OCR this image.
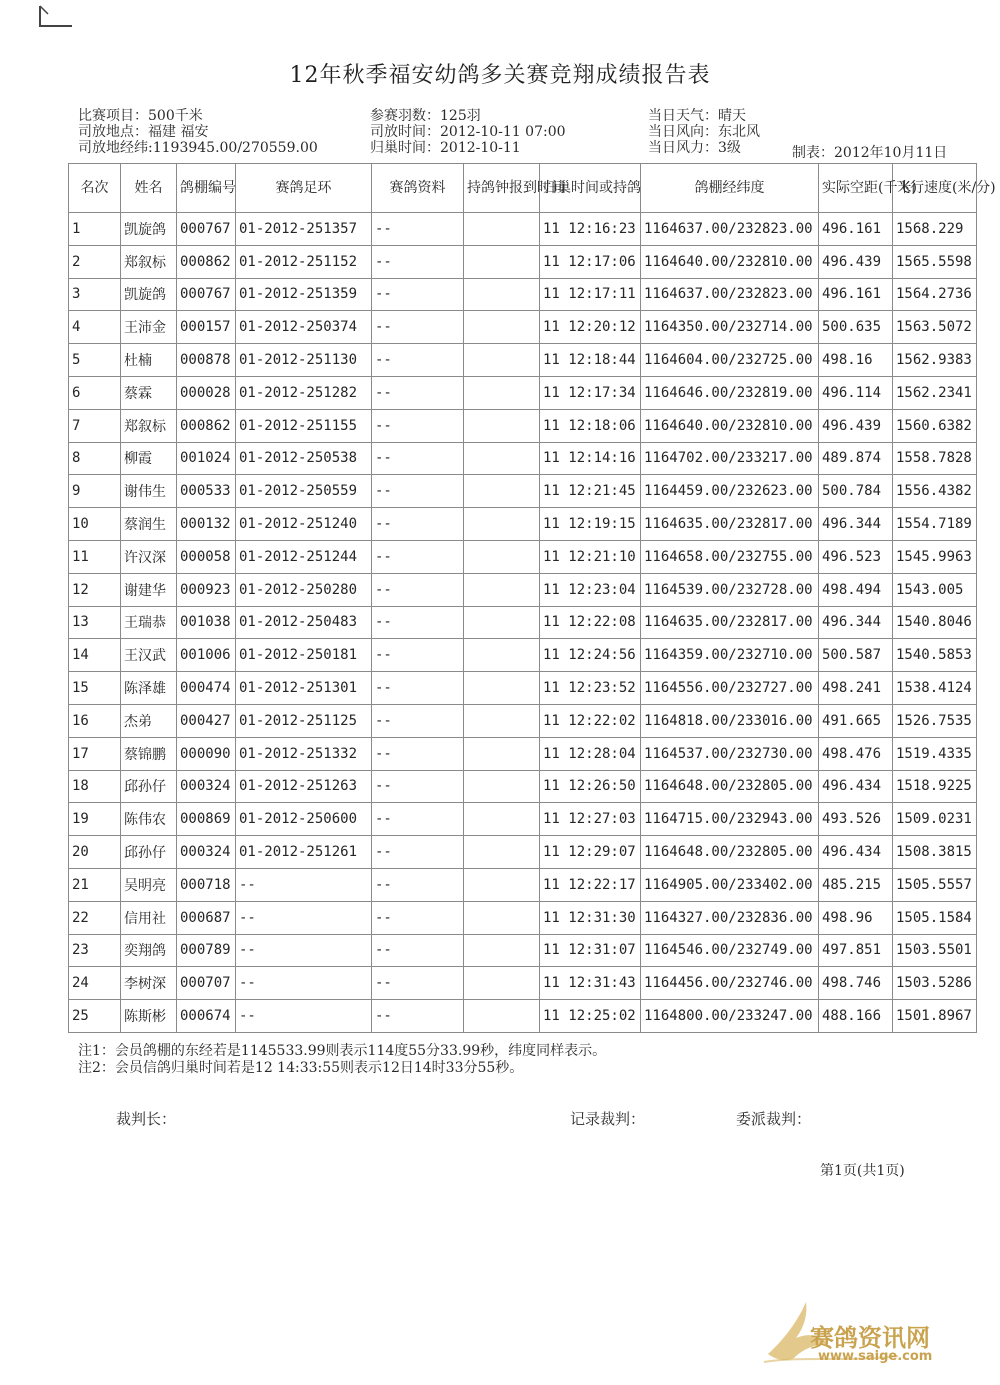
12年秋季福安幼鸽多关赛竞翔成绩报告表
比赛项目：500千米
司放地点：福建 福安
司放地经纬:1193945.00/270559.00
参赛羽数：125羽
司放时间：2012-10-11 07:00
归巢时间：2012-10-11
当日天气：晴天
当日风向：东北风
当日风力：3级	制表：2012年10月11日
名次	姓名	鸽棚编号	赛鸽足环	赛鸽资料	持鸽钟报到时间	归巢时间或持鸽	鸽棚经纬度	实际空距(千米)	飞行速度(米/分)
1	凯旋鸽	000767	01-2012-251357	--		11 12:16:23	1164637.00/232823.00	496.161	1568.229
2	郑叙标	000862	01-2012-251152	--		11 12:17:06	1164640.00/232810.00	496.439	1565.5598
3	凯旋鸽	000767	01-2012-251359	--		11 12:17:11	1164637.00/232823.00	496.161	1564.2736
4	王沛金	000157	01-2012-250374	--		11 12:20:12	1164350.00/232714.00	500.635	1563.5072
5	杜楠	000878	01-2012-251130	--		11 12:18:44	1164604.00/232725.00	498.16	1562.9383
6	蔡霖	000028	01-2012-251282	--		11 12:17:34	1164646.00/232819.00	496.114	1562.2341
7	郑叙标	000862	01-2012-251155	--		11 12:18:06	1164640.00/232810.00	496.439	1560.6382
8	柳霞	001024	01-2012-250538	--		11 12:14:16	1164702.00/233217.00	489.874	1558.7828
9	谢伟生	000533	01-2012-250559	--		11 12:21:45	1164459.00/232623.00	500.784	1556.4382
10	蔡润生	000132	01-2012-251240	--		11 12:19:15	1164635.00/232817.00	496.344	1554.7189
11	许汉深	000058	01-2012-251244	--		11 12:21:10	1164658.00/232755.00	496.523	1545.9963
12	谢建华	000923	01-2012-250280	--		11 12:23:04	1164539.00/232728.00	498.494	1543.005
13	王瑞恭	001038	01-2012-250483	--		11 12:22:08	1164635.00/232817.00	496.344	1540.8046
14	王汉武	001006	01-2012-250181	--		11 12:24:56	1164359.00/232710.00	500.587	1540.5853
15	陈泽雄	000474	01-2012-251301	--		11 12:23:52	1164556.00/232727.00	498.241	1538.4124
16	杰弟	000427	01-2012-251125	--		11 12:22:02	1164818.00/233016.00	491.665	1526.7535
17	蔡锦鹏	000090	01-2012-251332	--		11 12:28:04	1164537.00/232730.00	498.476	1519.4335
18	邱孙仔	000324	01-2012-251263	--		11 12:26:50	1164648.00/232805.00	496.434	1518.9225
19	陈伟农	000869	01-2012-250600	--		11 12:27:03	1164715.00/232943.00	493.526	1509.0231
20	邱孙仔	000324	01-2012-251261	--		11 12:29:07	1164648.00/232805.00	496.434	1508.3815
21	吴明亮	000718	--	--		11 12:22:17	1164905.00/233402.00	485.215	1505.5557
22	信用社	000687	--	--		11 12:31:30	1164327.00/232836.00	498.96	1505.1584
23	奕翔鸽	000789	--	--		11 12:31:07	1164546.00/232749.00	497.851	1503.5501
24	李树深	000707	--	--		11 12:31:43	1164456.00/232746.00	498.746	1503.5286
25	陈斯彬	000674	--	--		11 12:25:02	1164800.00/233247.00	488.166	1501.8967
注1：会员鸽棚的东经若是1145533.99则表示114度55分33.99秒，纬度同样表示。
注2：会员信鸽归巢时间若是12 14:33:55则表示12日14时33分55秒。
裁判长：	记录裁判：	委派裁判：
第1页(共1页)
赛鸽资讯网
www.saige.com
